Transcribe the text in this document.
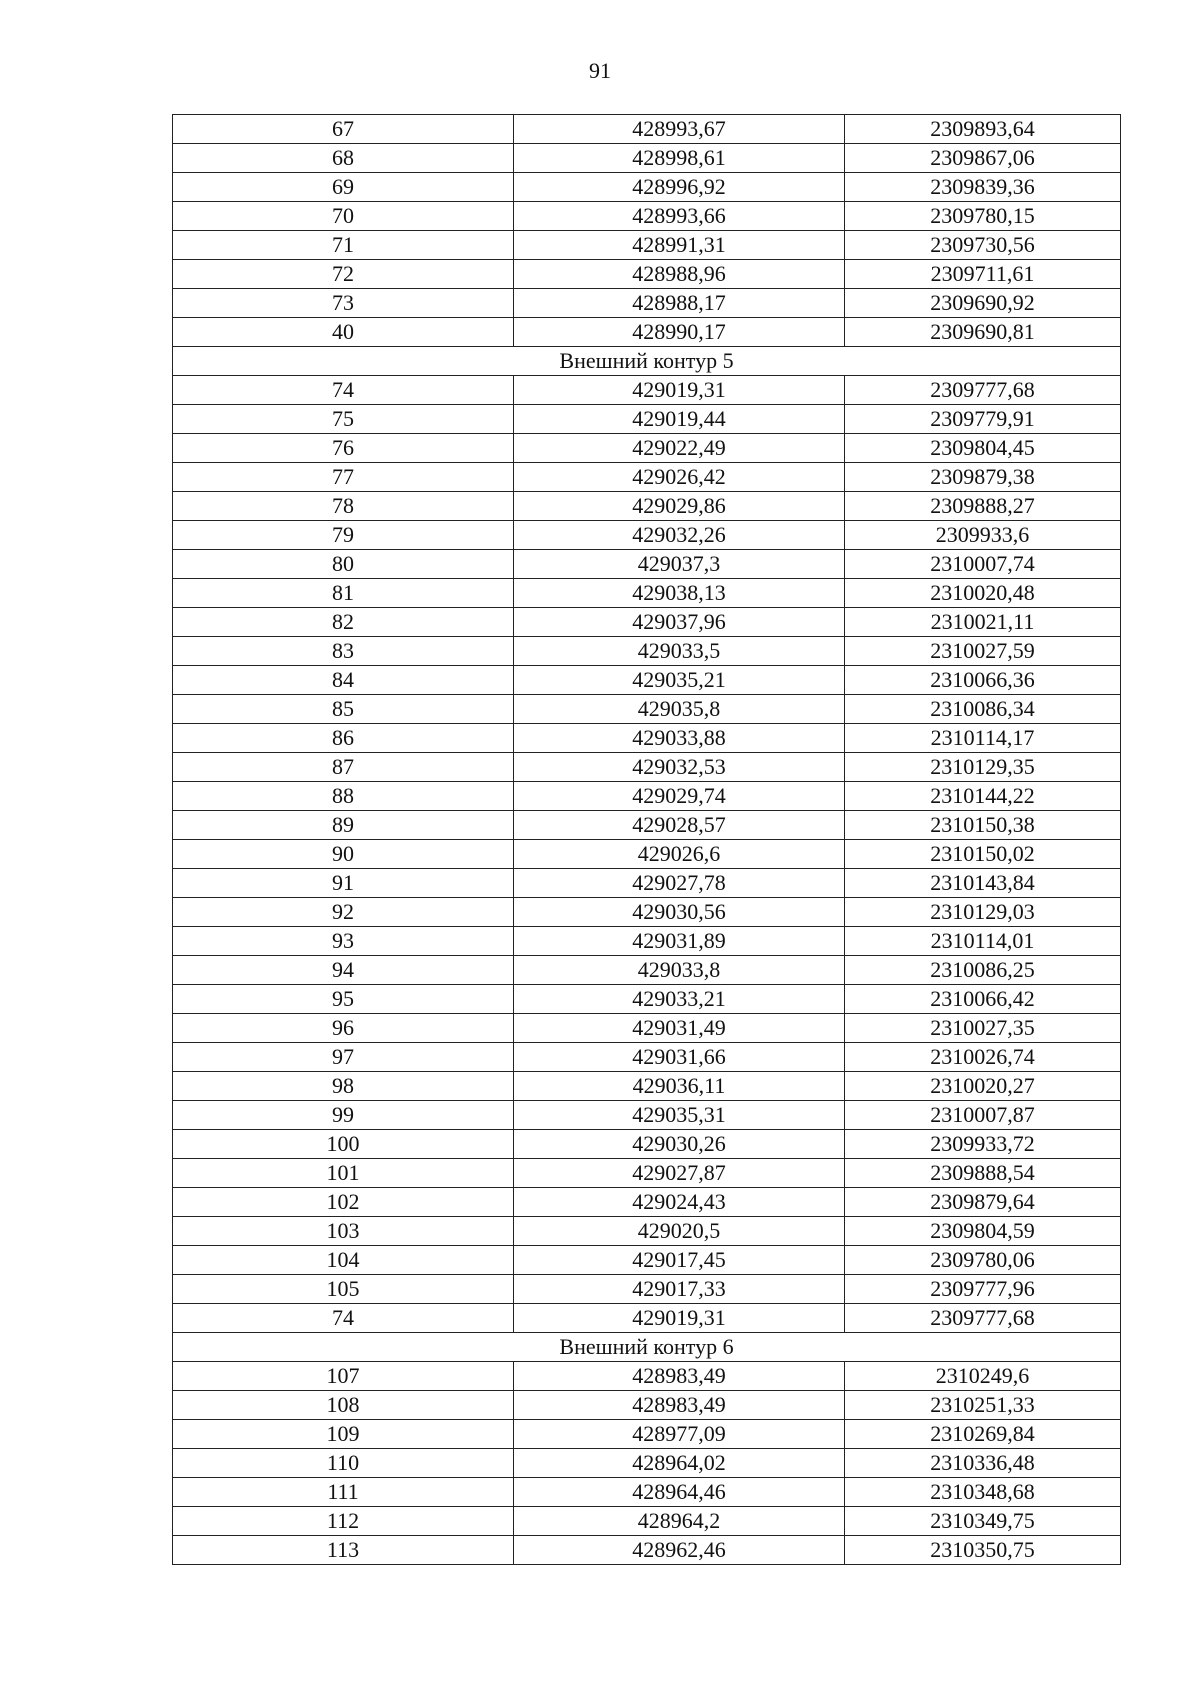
91
67	428993,67	2309893,64
68	428998,61	2309867,06
69	428996,92	2309839,36
70	428993,66	2309780,15
71	428991,31	2309730,56
72	428988,96	2309711,61
73	428988,17	2309690,92
40	428990,17	2309690,81
Внешний контур 5		
74	429019,31	2309777,68
75	429019,44	2309779,91
76	429022,49	2309804,45
77	429026,42	2309879,38
78	429029,86	2309888,27
79	429032,26	2309933,6
80	429037,3	2310007,74
81	429038,13	2310020,48
82	429037,96	2310021,11
83	429033,5	2310027,59
84	429035,21	2310066,36
85	429035,8	2310086,34
86	429033,88	2310114,17
87	429032,53	2310129,35
88	429029,74	2310144,22
89	429028,57	2310150,38
90	429026,6	2310150,02
91	429027,78	2310143,84
92	429030,56	2310129,03
93	429031,89	2310114,01
94	429033,8	2310086,25
95	429033,21	2310066,42
96	429031,49	2310027,35
97	429031,66	2310026,74
98	429036,11	2310020,27
99	429035,31	2310007,87
100	429030,26	2309933,72
101	429027,87	2309888,54
102	429024,43	2309879,64
103	429020,5	2309804,59
104	429017,45	2309780,06
105	429017,33	2309777,96
74	429019,31	2309777,68
Внешний контур 6		
107	428983,49	2310249,6
108	428983,49	2310251,33
109	428977,09	2310269,84
110	428964,02	2310336,48
111	428964,46	2310348,68
112	428964,2	2310349,75
113	428962,46	2310350,75
